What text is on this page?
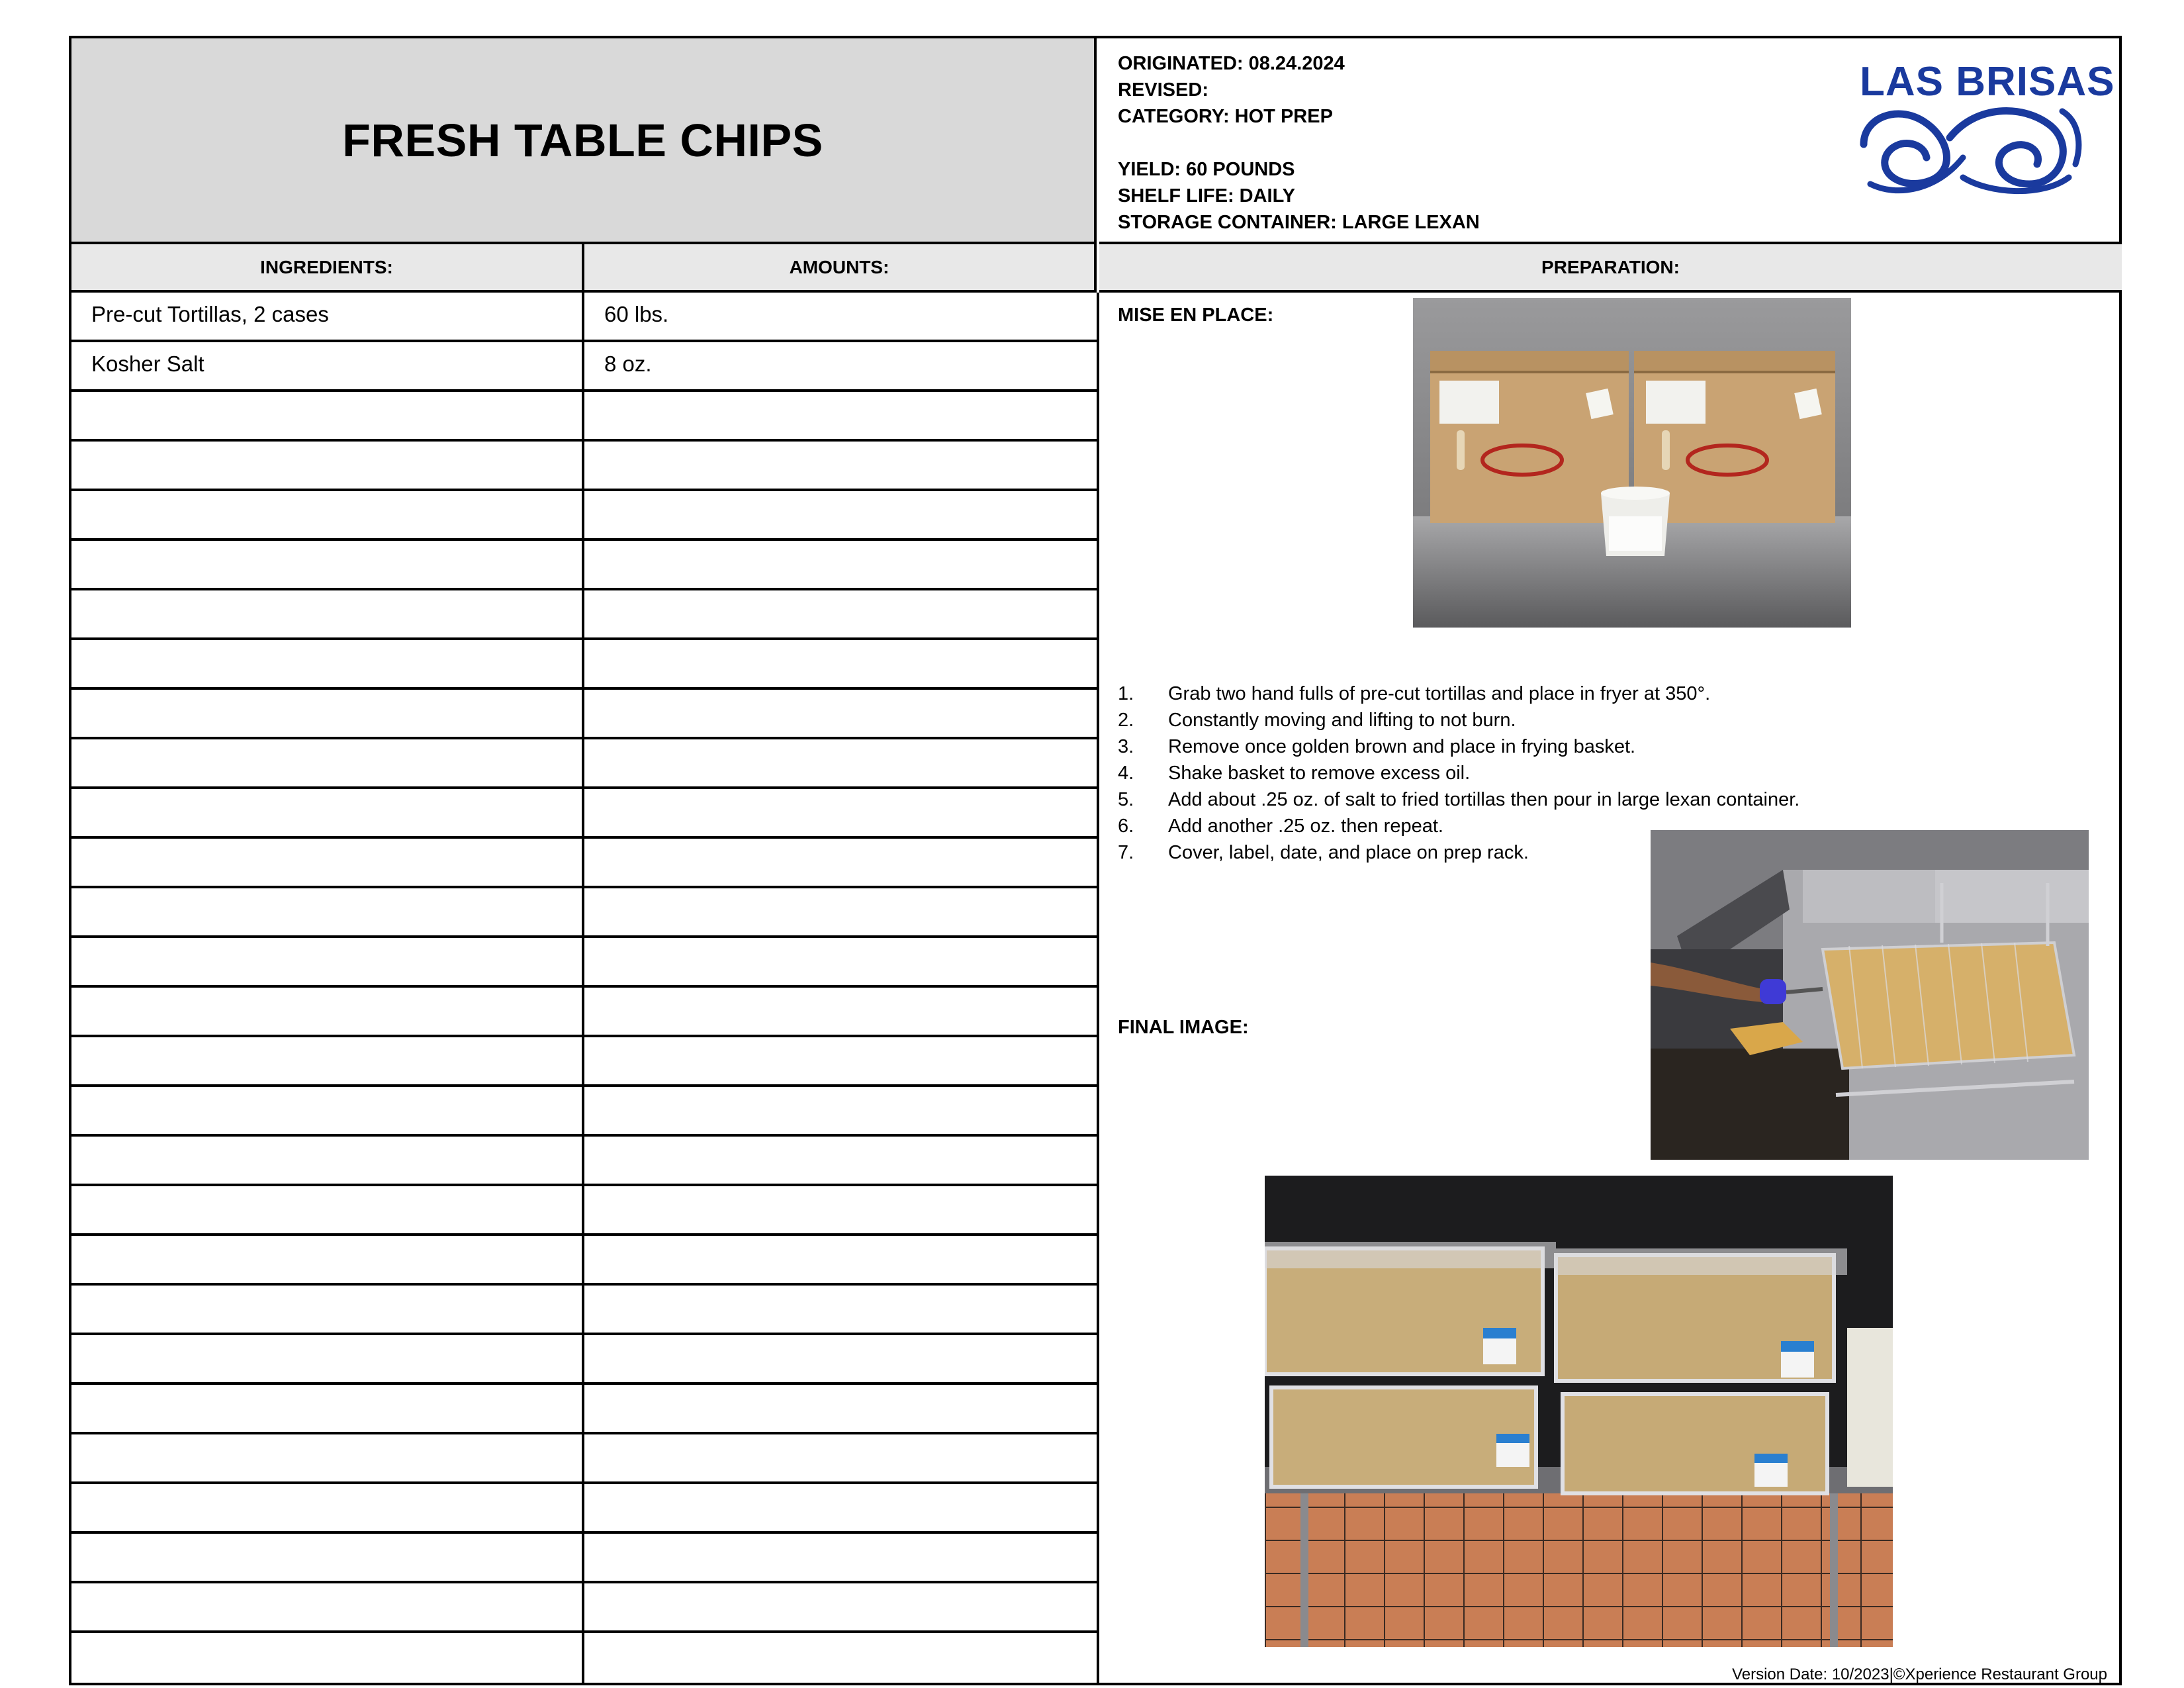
FRESH TABLE CHIPS
ORIGINATED: 08.24.2024
REVISED:
CATEGORY: HOT PREP
YIELD: 60 POUNDS
SHELF LIFE: DAILY
STORAGE CONTAINER: LARGE LEXAN
LAS BRISAS
INGREDIENTS:	AMOUNTS:	PREPARATION:
Pre-cut Tortillas, 2 cases	60 lbs.
Kosher Salt	8 oz.
MISE EN PLACE:
1.	Grab two hand fulls of pre-cut tortillas and place in fryer at 350°.
2.	Constantly moving and lifting to not burn.
3.	Remove once golden brown and place in frying basket.
4.	Shake basket to remove excess oil.
5.	Add about .25 oz. of salt to fried tortillas then pour in large lexan container.
6.	Add another .25 oz. then repeat.
7.	Cover, label, date, and place on prep rack.
FINAL IMAGE:
Version Date: 10/2023|©Xperience Restaurant Group
